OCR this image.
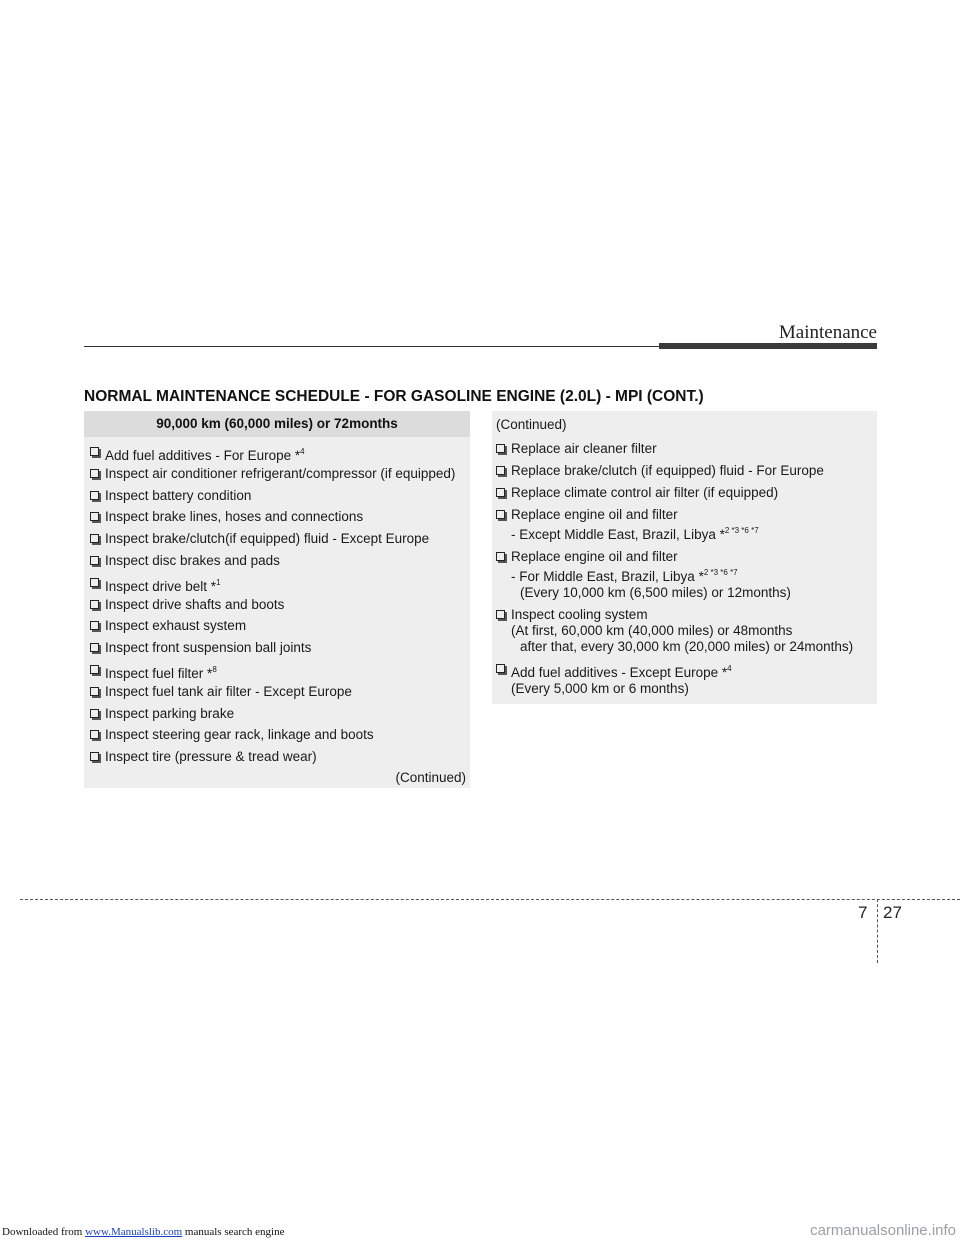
Maintenance
NORMAL MAINTENANCE SCHEDULE - FOR GASOLINE ENGINE (2.0L) - MPI (CONT.)
90,000 km (60,000 miles) or 72months
Add fuel additives - For Europe *$^4$
Inspect air conditioner refrigerant/compressor (if equipped)
Inspect battery condition
Inspect brake lines, hoses and connections
Inspect brake/clutch(if equipped) fluid - Except Europe
Inspect disc brakes and pads
Inspect drive belt *$^1$
Inspect drive shafts and boots
Inspect exhaust system
Inspect front suspension ball joints
Inspect fuel filter *$^8$
Inspect fuel tank air filter - Except Europe
Inspect parking brake
Inspect steering gear rack, linkage and boots
Inspect tire (pressure & tread wear)
(Continued)
(Continued)
Replace air cleaner filter
Replace brake/clutch (if equipped) fluid - For Europe
Replace climate control air filter (if equipped)
Replace engine oil and filter
- Except Middle East, Brazil, Libya *$^{2 *3 *6 *7}$
Replace engine oil and filter
- For Middle East, Brazil, Libya *$^{2 *3 *6 *7}$
(Every 10,000 km (6,500 miles) or 12months)
Inspect cooling system
(At first, 60,000 km (40,000 miles) or 48months
after that, every 30,000 km (20,000 miles) or 24months)
Add fuel additives - Except Europe *$^4$
(Every 5,000 km or 6 months)
7 27
Downloaded from www.Manualslib.com manuals search engine	carmanualsonline.info
